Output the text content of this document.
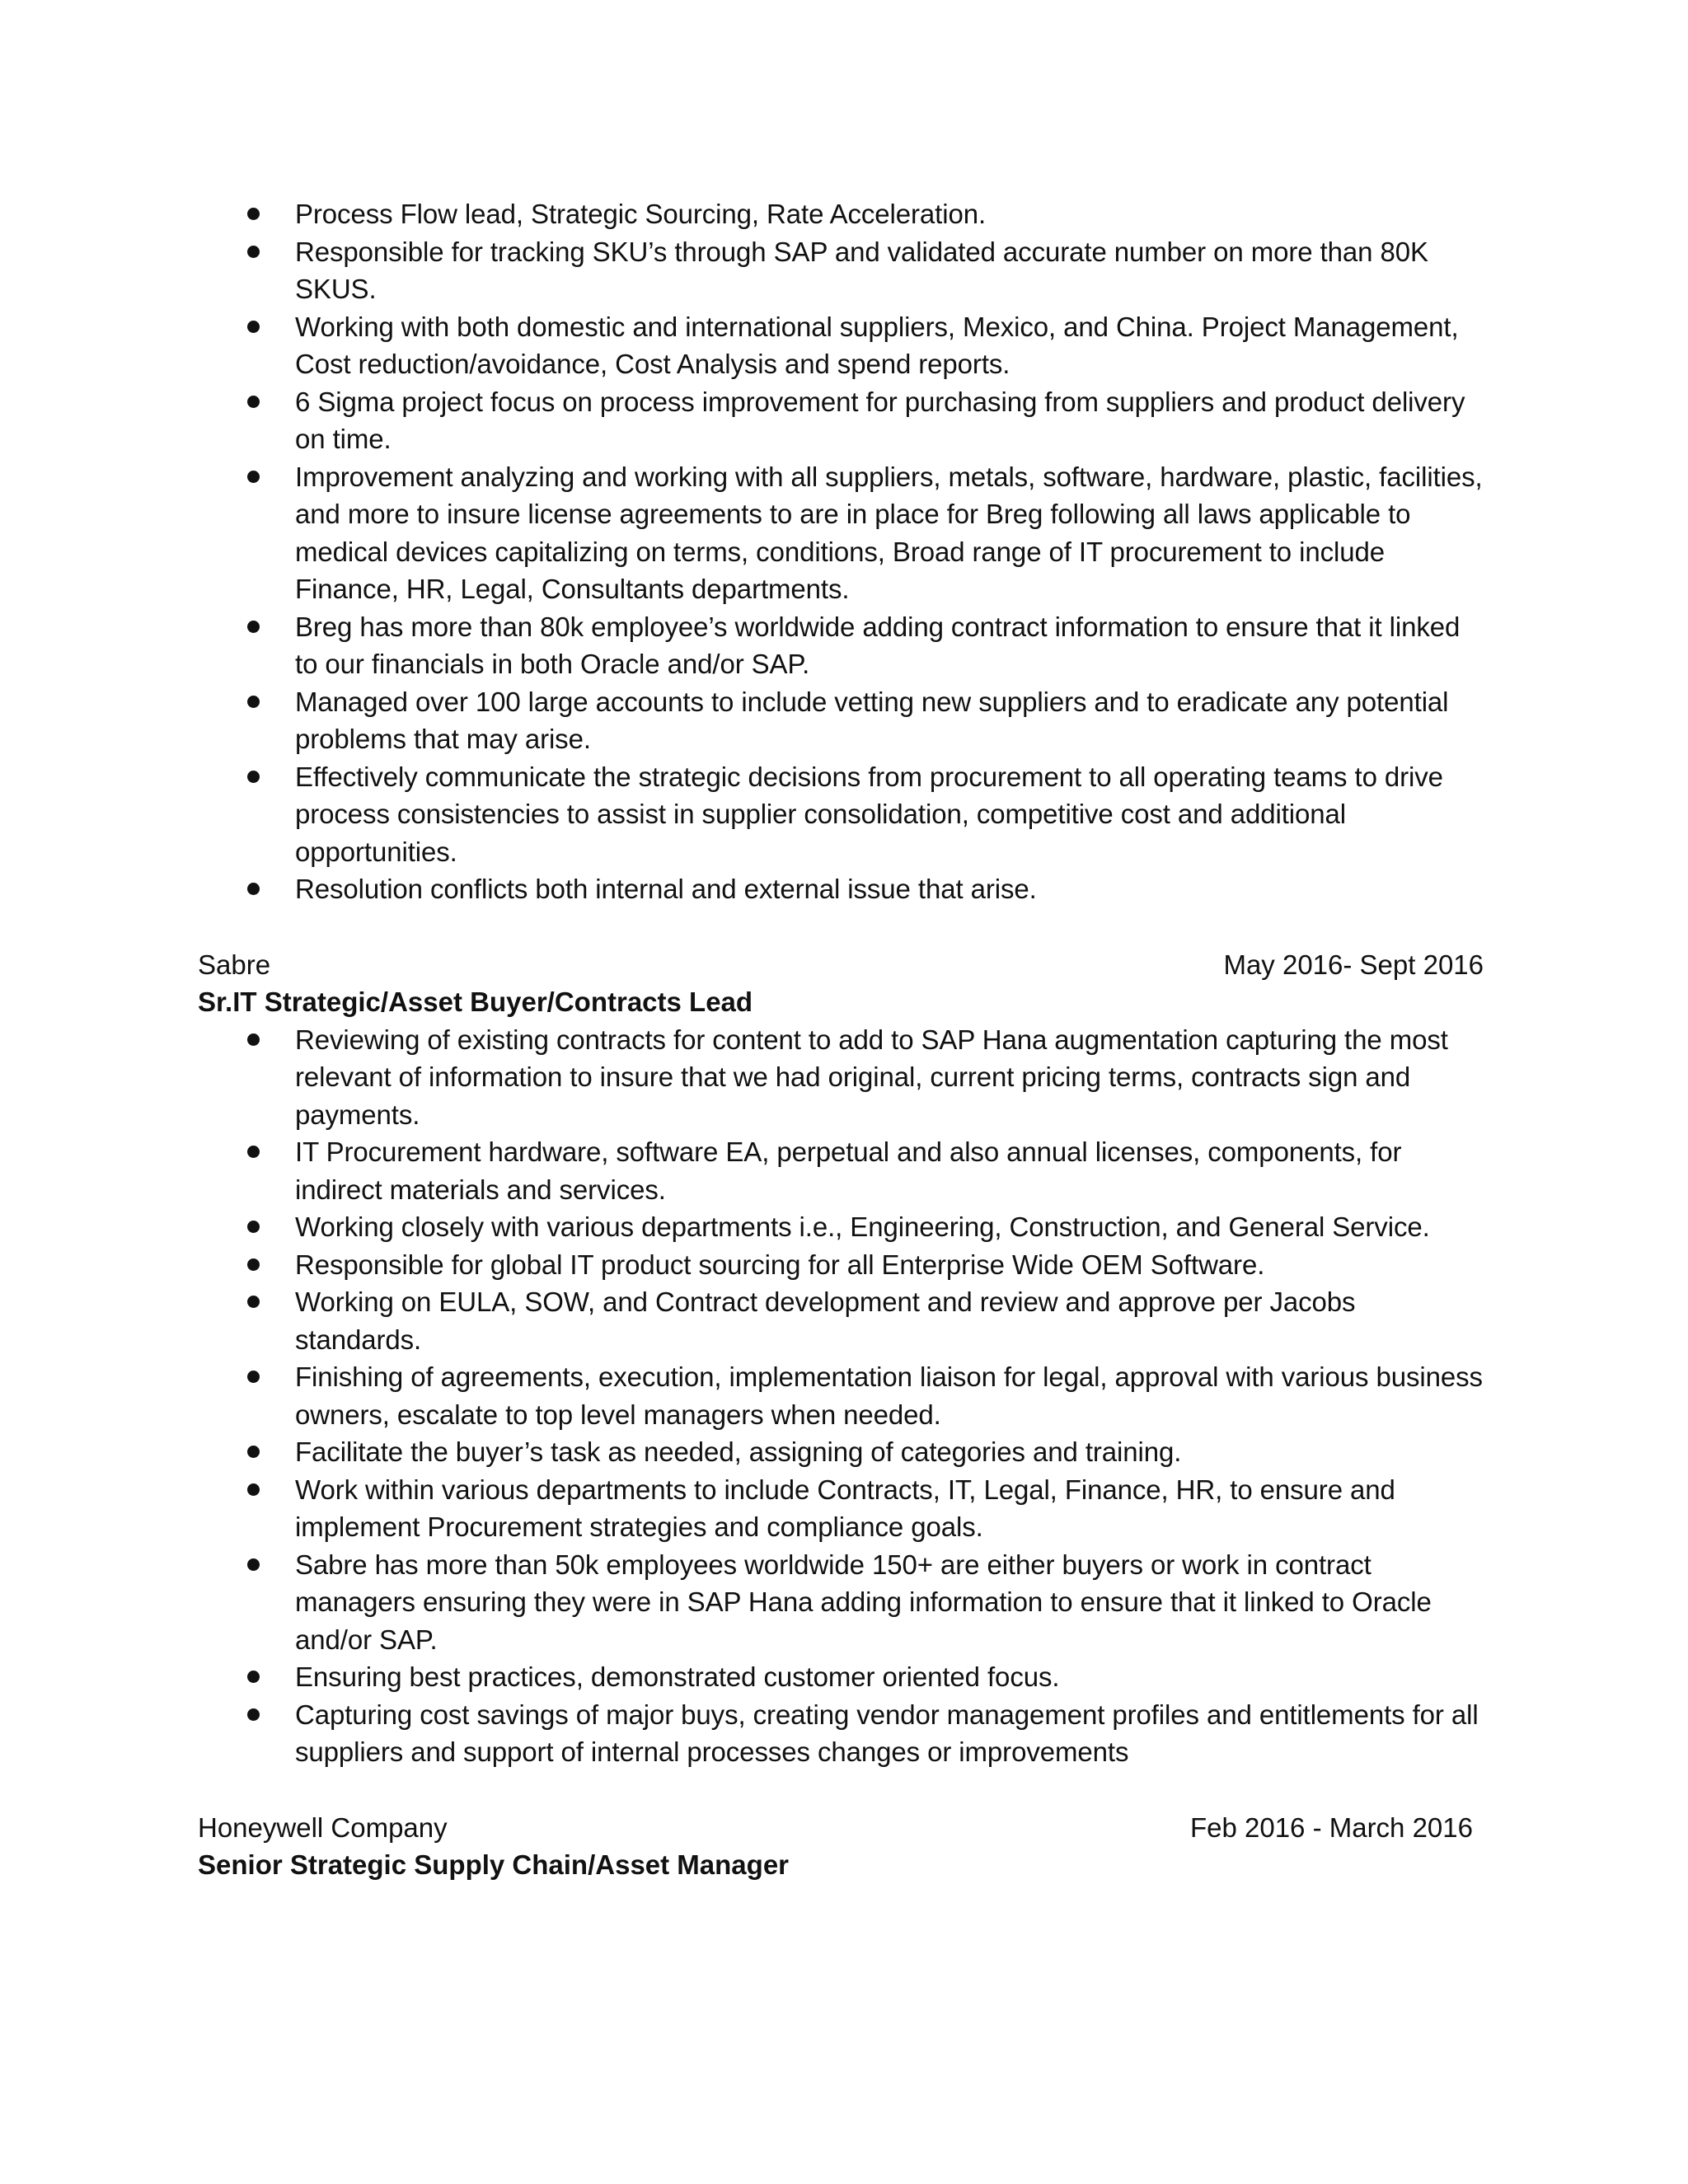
Process Flow lead, Strategic Sourcing, Rate Acceleration.
Responsible for tracking SKU’s through SAP and validated accurate number on more than 80K SKUS.
Working with both domestic and international suppliers, Mexico, and China. Project Management, Cost reduction/avoidance, Cost Analysis and spend reports.
6 Sigma project focus on process improvement for purchasing from suppliers and product delivery on time.
Improvement analyzing and working with all suppliers, metals, software, hardware, plastic, facilities, and more to insure license agreements to are in place for Breg following all laws applicable to medical devices capitalizing on terms, conditions, Broad range of IT procurement to include Finance, HR, Legal, Consultants departments.
Breg has more than 80k employee’s worldwide adding contract information to ensure that it linked to our financials in both Oracle and/or SAP.
Managed over 100 large accounts to include vetting new suppliers and to eradicate any potential problems that may arise.
Effectively communicate the strategic decisions from procurement to all operating teams to drive process consistencies to assist in supplier consolidation, competitive cost and additional opportunities.
Resolution conflicts both internal and external issue that arise.
Sabre	May 2016- Sept 2016
Sr.IT Strategic/Asset Buyer/Contracts Lead
Reviewing of existing contracts for content to add to SAP Hana augmentation capturing the most relevant of information to insure that we had original, current pricing terms, contracts sign and payments.
IT Procurement hardware, software EA, perpetual and also annual licenses, components, for indirect materials and services.
Working closely with various departments i.e., Engineering, Construction, and General Service.
Responsible for global IT product sourcing for all Enterprise Wide OEM Software.
Working on EULA, SOW, and Contract development and review and approve per Jacobs standards.
Finishing of agreements, execution, implementation liaison for legal, approval with various business owners, escalate to top level managers when needed.
Facilitate the buyer’s task as needed, assigning of categories and training.
Work within various departments to include Contracts, IT, Legal, Finance, HR, to ensure and implement Procurement strategies and compliance goals.
Sabre has more than 50k employees worldwide 150+ are either buyers or work in contract managers ensuring they were in SAP Hana adding information to ensure that it linked to Oracle and/or SAP.
Ensuring best practices, demonstrated customer oriented focus.
Capturing cost savings of major buys, creating vendor management profiles and entitlements for all suppliers and support of internal processes changes or improvements
Honeywell Company	Feb 2016 - March 2016
Senior Strategic Supply Chain/Asset Manager
